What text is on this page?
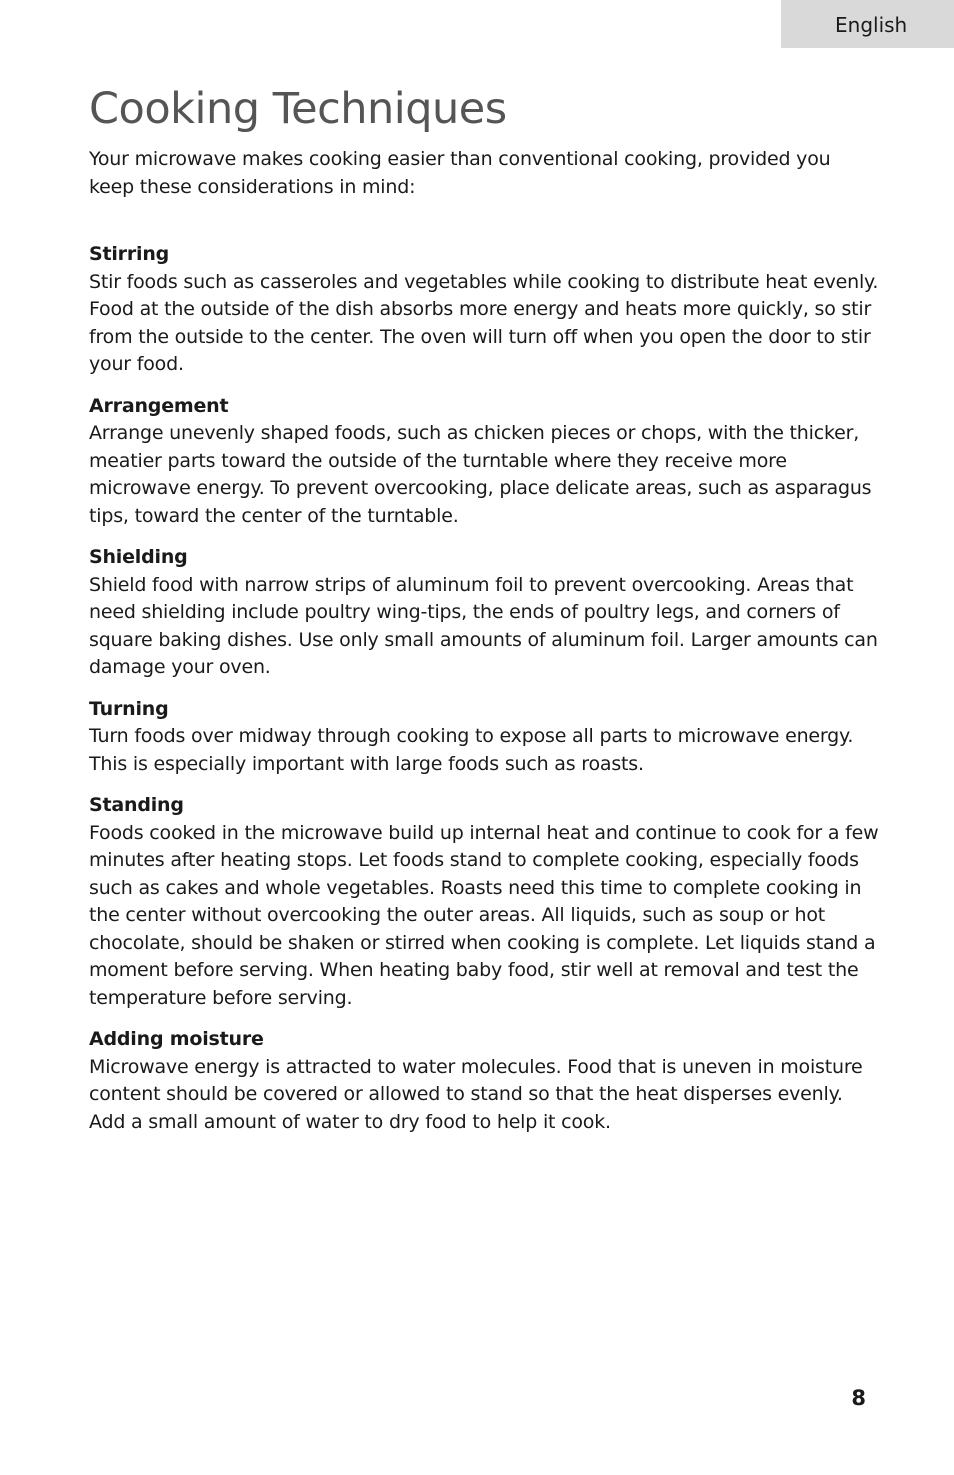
English
Cooking Techniques

Your microwave makes cooking easier than conventional cooking, provided you keep these considerations in mind:

Stirring

Stir foods such as casseroles and vegetables while cooking to distribute heat evenly. Food at the outside of the dish absorbs more energy and heats more quickly, so stir from the outside to the center. The oven will turn off when you open the door to stir your food.

Arrangement

Arrange unevenly shaped foods, such as chicken pieces or chops, with the thicker, meatier parts toward the outside of the turntable where they receive more microwave energy. To prevent overcooking, place delicate areas, such as asparagus tips, toward the center of the turntable.

Shielding

Shield food with narrow strips of aluminum foil to prevent overcooking. Areas that need shielding include poultry wing-tips, the ends of poultry legs, and corners of square baking dishes. Use only small amounts of aluminum foil. Larger amounts can damage your oven.

Turning

Turn foods over midway through cooking to expose all parts to microwave energy. This is especially important with large foods such as roasts.

Standing

Foods cooked in the microwave build up internal heat and continue to cook for a few minutes after heating stops. Let foods stand to complete cooking, especially foods such as cakes and whole vegetables. Roasts need this time to complete cooking in the center without overcooking the outer areas. All liquids, such as soup or hot chocolate, should be shaken or stirred when cooking is complete. Let liquids stand a moment before serving. When heating baby food, stir well at removal and test the temperature before serving.

Adding moisture

Microwave energy is attracted to water molecules. Food that is uneven in moisture content should be covered or allowed to stand so that the heat disperses evenly. Add a small amount of water to dry food to help it cook.

8
